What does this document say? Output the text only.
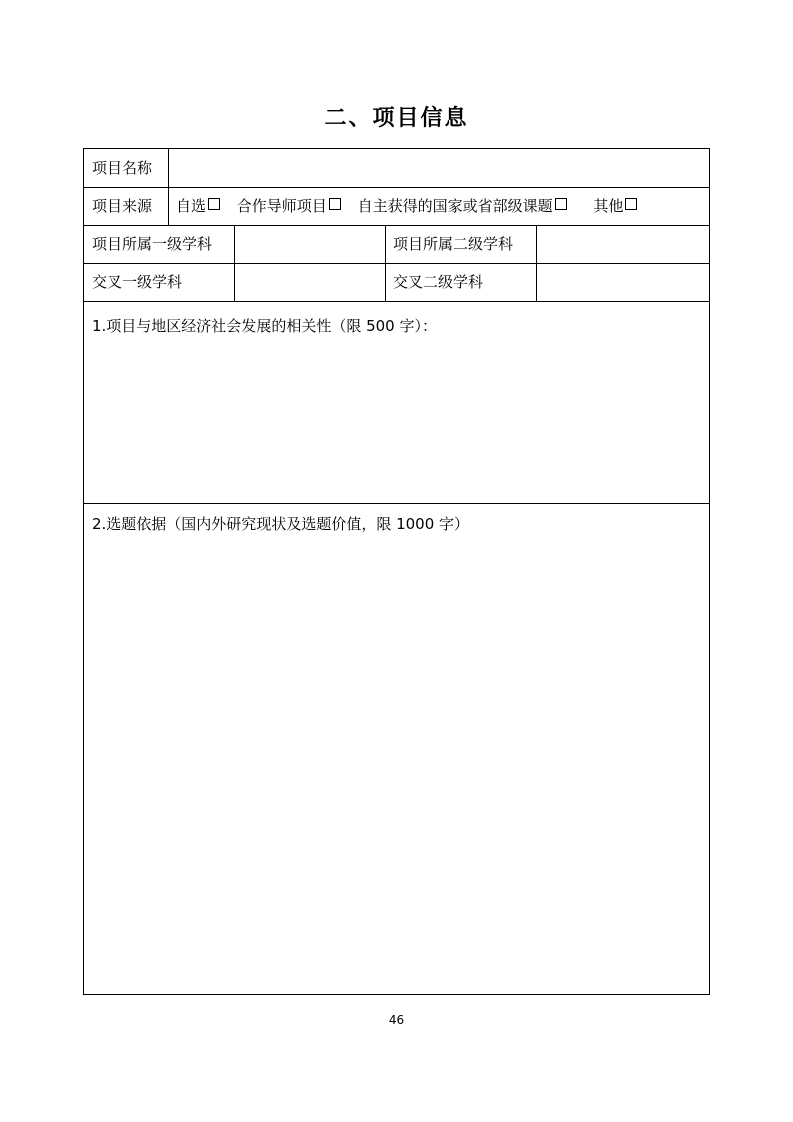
二、项目信息
项目名称
项目来源 自选 合作导师项目 自主获得的国家或省部级课题	其他
项目所属一级学科	项目所属二级学科
交叉一级学科	交叉二级学科
1.项目与地区经济社会发展的相关性（限 500 字）：
2.选题依据（国内外研究现状及选题价值，限 1000 字）
46
